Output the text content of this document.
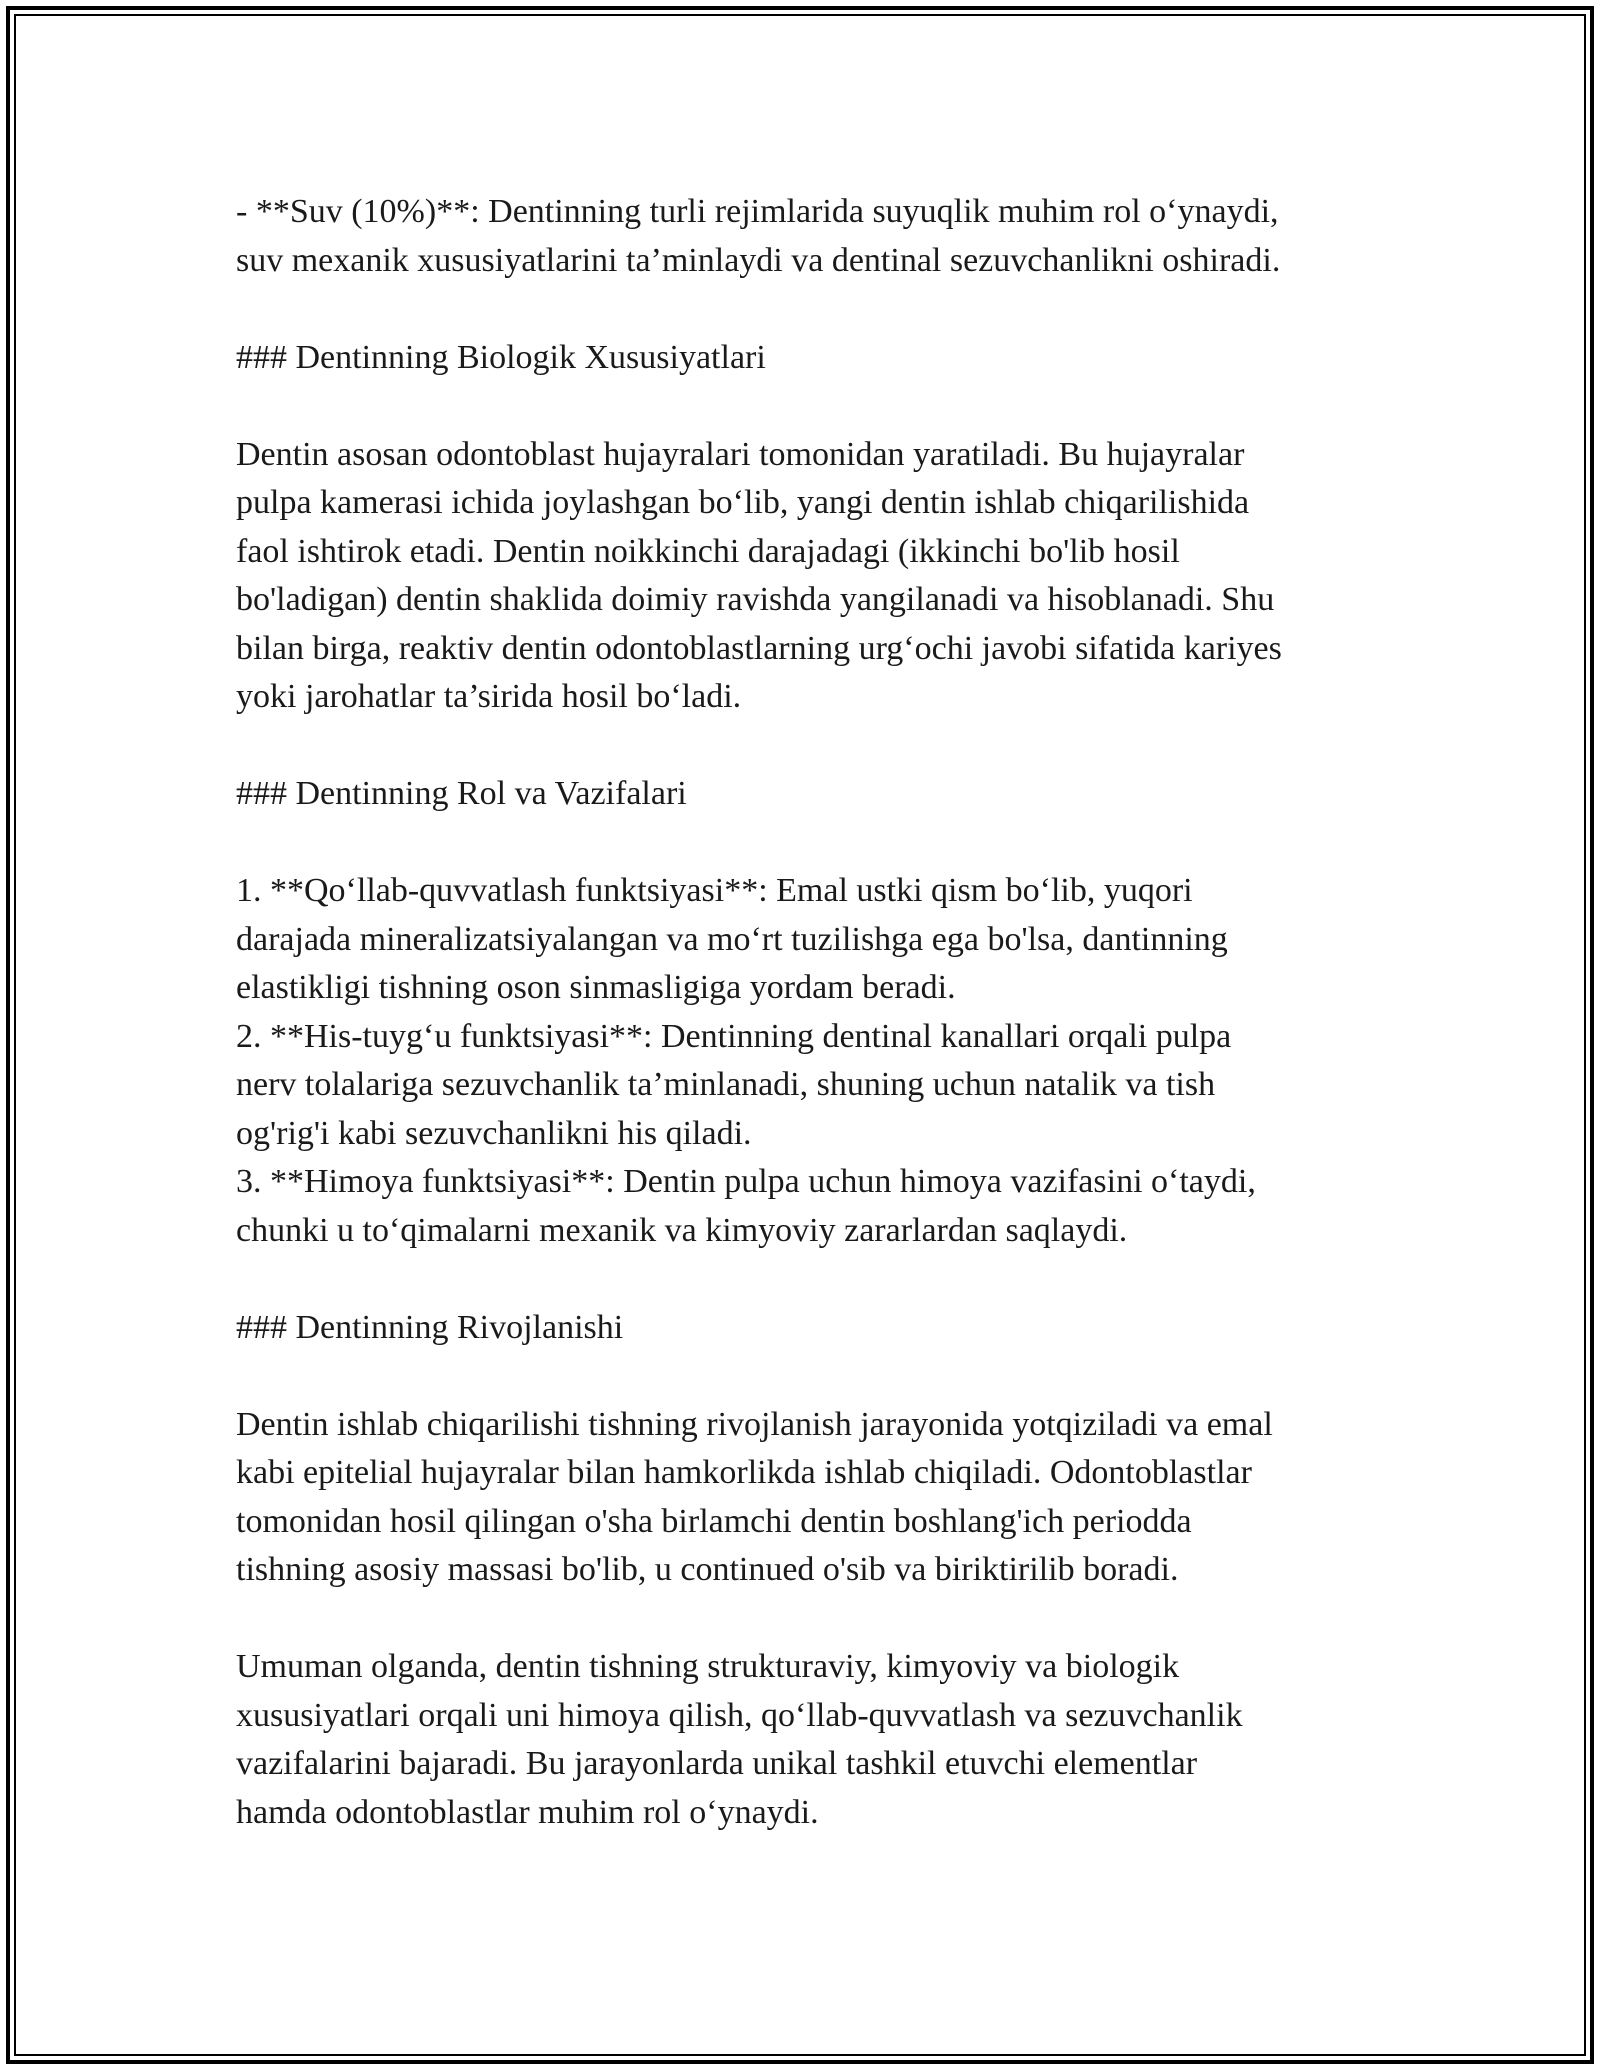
- **Suv (10%)**: Dentinning turli rejimlarida suyuqlik muhim rol o‘ynaydi,
suv mexanik xususiyatlarini ta’minlaydi va dentinal sezuvchanlikni oshiradi.

### Dentinning Biologik Xususiyatlari

Dentin asosan odontoblast hujayralari tomonidan yaratiladi. Bu hujayralar
pulpa kamerasi ichida joylashgan bo‘lib, yangi dentin ishlab chiqarilishida
faol ishtirok etadi. Dentin noikkinchi darajadagi (ikkinchi bo'lib hosil
bo'ladigan) dentin shaklida doimiy ravishda yangilanadi va hisoblanadi. Shu
bilan birga, reaktiv dentin odontoblastlarning urg‘ochi javobi sifatida kariyes
yoki jarohatlar ta’sirida hosil bo‘ladi.

### Dentinning Rol va Vazifalari

1. **Qo‘llab-quvvatlash funktsiyasi**: Emal ustki qism bo‘lib, yuqori
darajada mineralizatsiyalangan va mo‘rt tuzilishga ega bo'lsa, dantinning
elastikligi tishning oson sinmasligiga yordam beradi.
2. **His-tuyg‘u funktsiyasi**: Dentinning dentinal kanallari orqali pulpa
nerv tolalariga sezuvchanlik ta’minlanadi, shuning uchun natalik va tish
og'rig'i kabi sezuvchanlikni his qiladi.
3. **Himoya funktsiyasi**: Dentin pulpa uchun himoya vazifasini o‘taydi,
chunki u to‘qimalarni mexanik va kimyoviy zararlardan saqlaydi.

### Dentinning Rivojlanishi

Dentin ishlab chiqarilishi tishning rivojlanish jarayonida yotqiziladi va emal
kabi epitelial hujayralar bilan hamkorlikda ishlab chiqiladi. Odontoblastlar
tomonidan hosil qilingan o'sha birlamchi dentin boshlang'ich periodda
tishning asosiy massasi bo'lib, u continued o'sib va biriktirilib boradi.

Umuman olganda, dentin tishning strukturaviy, kimyoviy va biologik
xususiyatlari orqali uni himoya qilish, qo‘llab-quvvatlash va sezuvchanlik
vazifalarini bajaradi. Bu jarayonlarda unikal tashkil etuvchi elementlar
hamda odontoblastlar muhim rol o‘ynaydi.
